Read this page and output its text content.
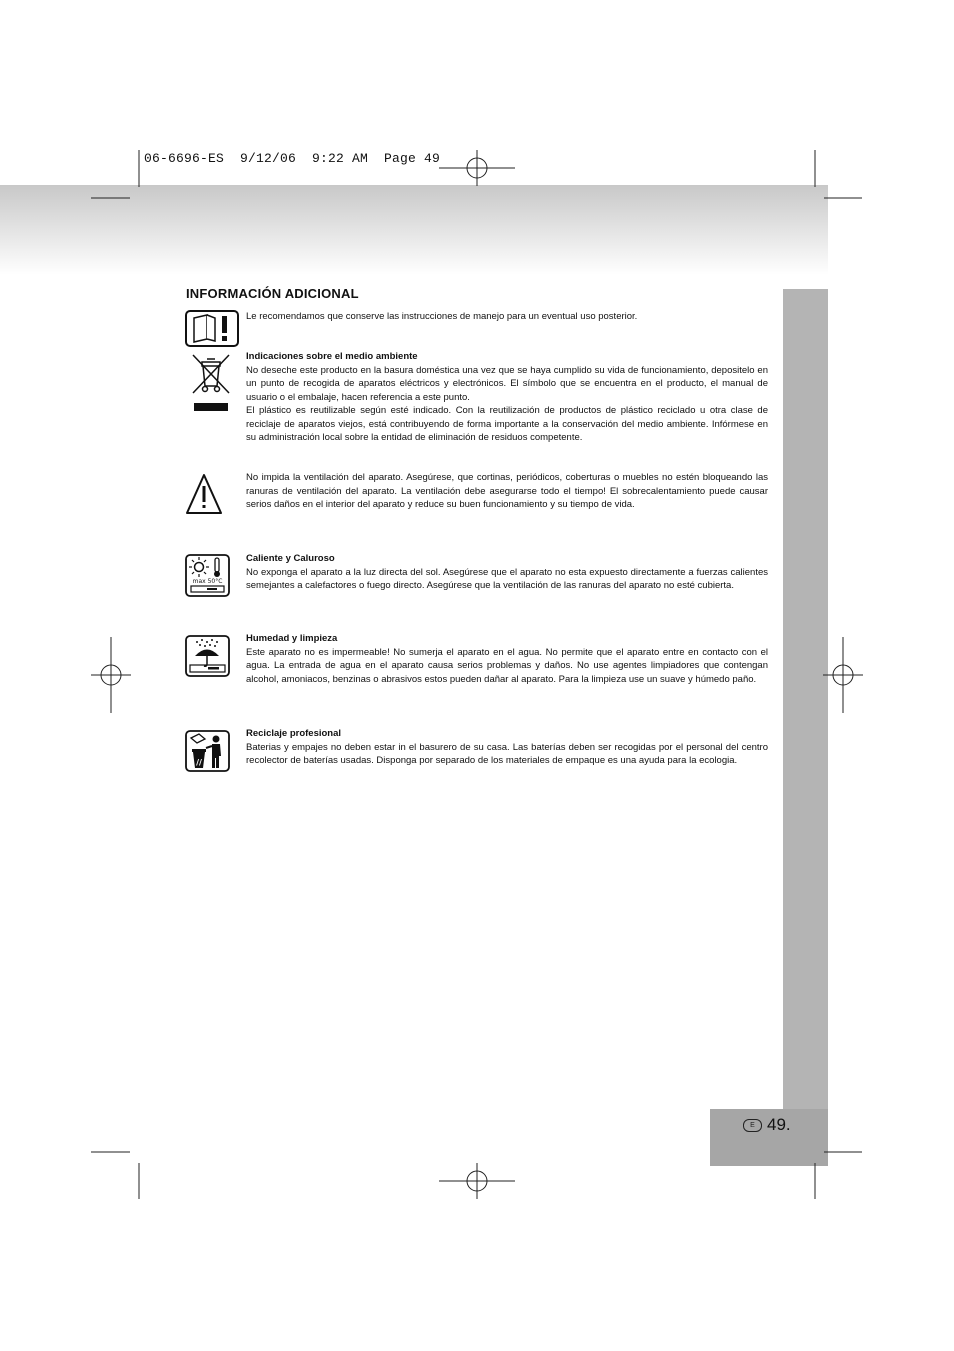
06-6696-ES  9/12/06  9:22 AM  Page 49
E 49.
INFORMACIÓN ADICIONAL
max 50°C
//

Le recomendamos que conserve las instrucciones de manejo para un eventual uso posterior.

Indicaciones sobre el medio ambiente

No deseche este producto en la basura doméstica una vez que se haya cumplido su vida de funcionamiento, depositelo en un punto de recogida de aparatos eléctricos y electrónicos. El símbolo que se encuentra en el producto, el manual de usuario o el embalaje, hacen referencia a este punto.

El plástico es reutilizable según esté indicado. Con la reutilización de productos de plástico reciclado u otra clase de reciclaje de aparatos viejos, está contribuyendo de forma importante a la conservación del medio ambiente. Infórmese en su administración local sobre la entidad de eliminación de residuos competente.

No impida la ventilación del aparato. Asegúrese, que cortinas, periódicos, coberturas o muebles no estén bloqueando las ranuras de ventilación del aparato. La ventilación debe asegurarse todo el tiempo! El sobrecalentamiento puede causar serios daños en el interior del aparato y reduce su buen funcionamiento y su tiempo de vida.

Caliente y Caluroso

No exponga el aparato a la luz directa del sol. Asegúrese que el aparato no esta expuesto directamente a fuerzas calientes semejantes a calefactores o fuego directo. Asegúrese que la ventilación de las ranuras del aparato no esté cubierta.

Humedad y limpieza

Este aparato no es impermeable! No sumerja el aparato en el agua. No permite que el aparato entre en contacto con el agua. La entrada de agua en el aparato causa serios problemas y daños. No use agentes limpiadores que contengan alcohol, amoniacos, benzinas o abrasivos estos pueden dañar al aparato. Para la limpieza use un suave y húmedo paño.

Reciclaje profesional

Baterias y empajes no deben estar in el basurero de su casa. Las baterías deben ser recogidas por el personal del centro recolector de baterías usadas. Disponga por separado de los materiales de empaque es una ayuda para la ecologia.
